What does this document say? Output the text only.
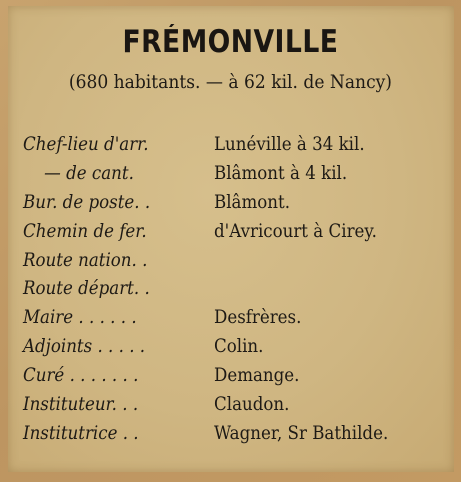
FRÉMONVILLE
(680 habitants. — à 62 kil. de Nancy)
Chef-lieu d'arr.	Lunéville à 34 kil.
— de cant.	Blâmont à 4 kil.
Bur. de poste. .	Blâmont.
Chemin de fer.	d'Avricourt à Cirey.
Route nation. .
Route départ. .
Maire . . . . . .	Desfrères.
Adjoints . . . . .	Colin.
Curé . . . . . . .	Demange.
Instituteur. . .	Claudon.
Institutrice . .	Wagner, Sr Bathilde.
